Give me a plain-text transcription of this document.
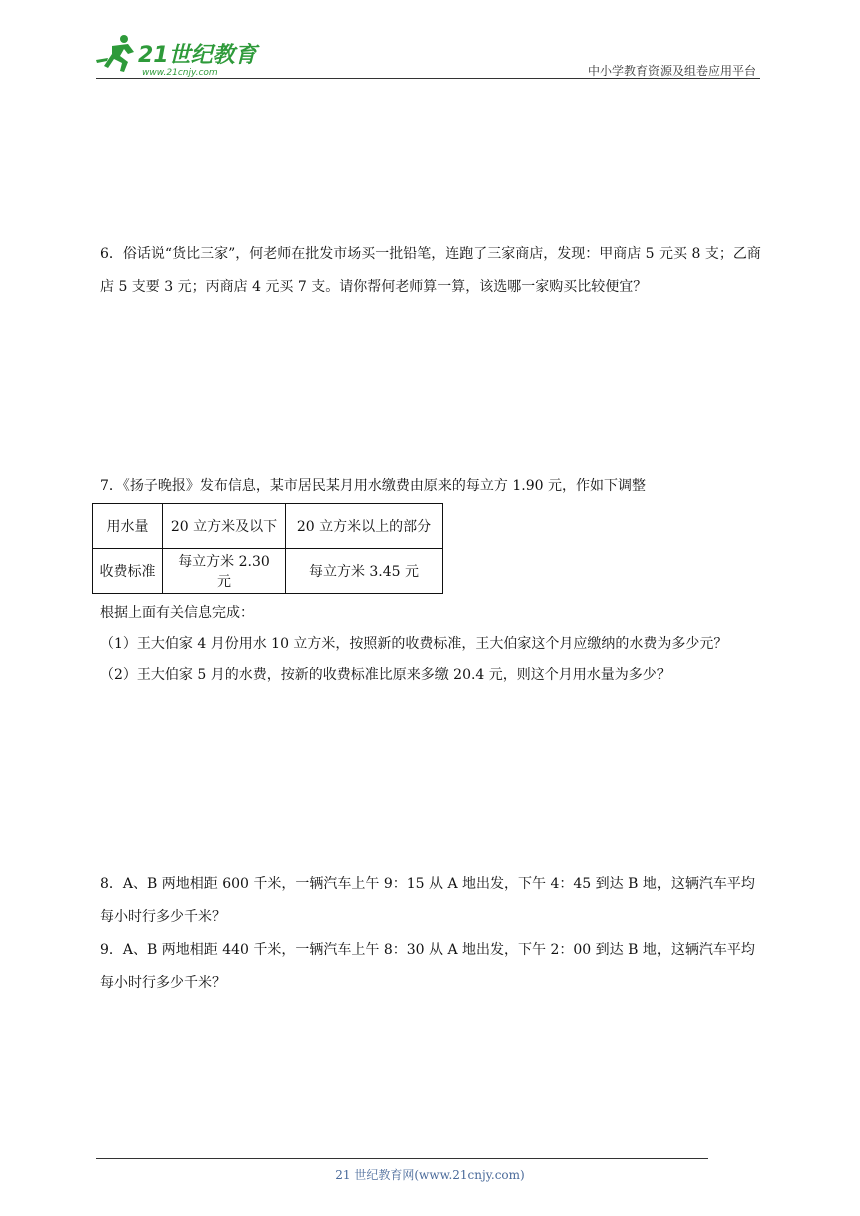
21世纪教育
www.21cnjy.com	中小学教育资源及组卷应用平台
6．俗话说“货比三家”，何老师在批发市场买一批铅笔，连跑了三家商店，发现：甲商店 5 元买 8 支；乙商店 5 支要 3 元；丙商店 4 元买 7 支。请你帮何老师算一算，该选哪一家购买比较便宜？
7．《扬子晚报》发布信息，某市居民某月用水缴费由原来的每立方 1.90 元，作如下调整
用水量	20 立方米及以下	20 立方米以上的部分
收费标准	每立方米 2.30 元	每立方米 3.45 元
根据上面有关信息完成：
（1）王大伯家 4 月份用水 10 立方米，按照新的收费标准，王大伯家这个月应缴纳的水费为多少元？
（2）王大伯家 5 月的水费，按新的收费标准比原来多缴 20.4 元，则这个月用水量为多少？
8．A、B 两地相距 600 千米，一辆汽车上午 9：15 从 A 地出发，下午 4：45 到达 B 地，这辆汽车平均每小时行多少千米？
9．A、B 两地相距 440 千米，一辆汽车上午 8：30 从 A 地出发，下午 2：00 到达 B 地，这辆汽车平均每小时行多少千米？
21 世纪教育网(www.21cnjy.com)
